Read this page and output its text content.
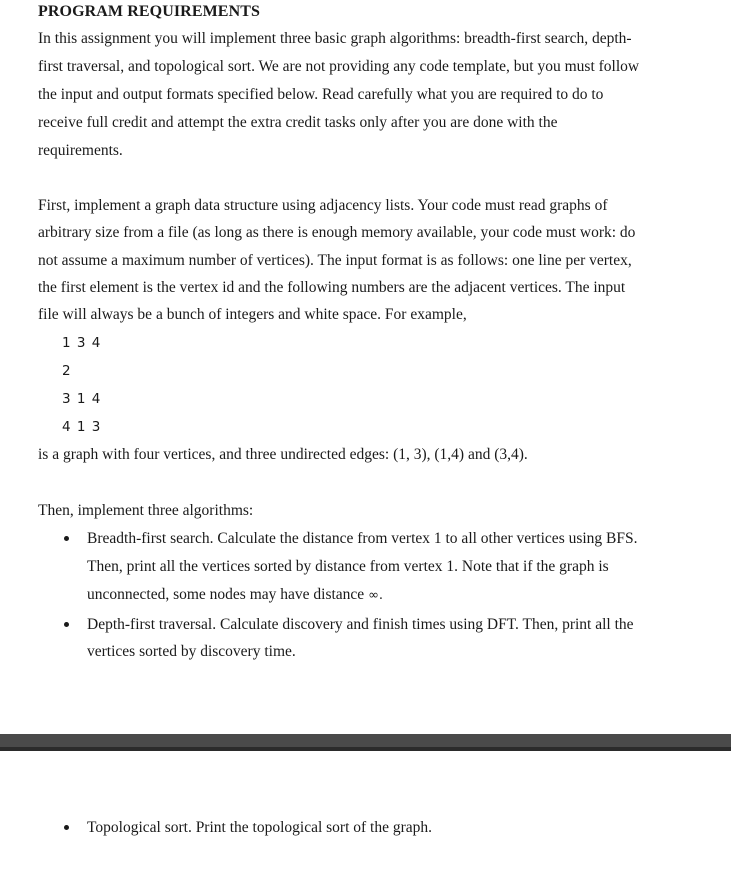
PROGRAM REQUIREMENTS
In this assignment you will implement three basic graph algorithms: breadth-first search, depth-
first traversal, and topological sort. We are not providing any code template, but you must follow
the input and output formats specified below. Read carefully what you are required to do to
receive full credit and attempt the extra credit tasks only after you are done with the
requirements.
First, implement a graph data structure using adjacency lists. Your code must read graphs of
arbitrary size from a file (as long as there is enough memory available, your code must work: do
not assume a maximum number of vertices). The input format is as follows: one line per vertex,
the first element is the vertex id and the following numbers are the adjacent vertices. The input
file will always be a bunch of integers and white space. For example,
1 3 4
2
3 1 4
4 1 3
is a graph with four vertices, and three undirected edges: (1, 3), (1,4) and (3,4).
Then, implement three algorithms:
Breadth-first search. Calculate the distance from vertex 1 to all other vertices using BFS.
Then, print all the vertices sorted by distance from vertex 1. Note that if the graph is
unconnected, some nodes may have distance ∞.
Depth-first traversal. Calculate discovery and finish times using DFT. Then, print all the
vertices sorted by discovery time.
Topological sort. Print the topological sort of the graph.
